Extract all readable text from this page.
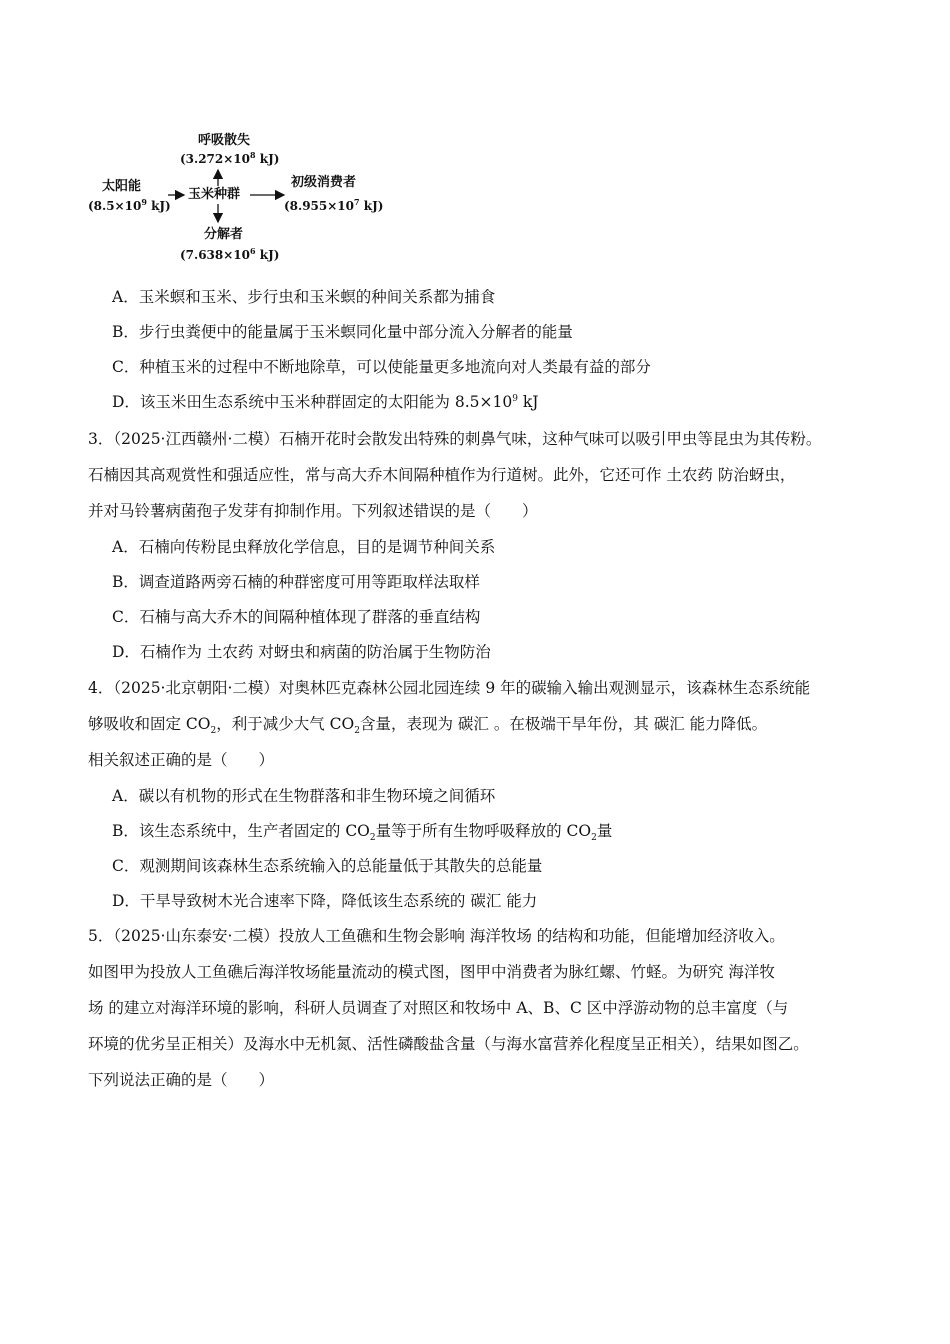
呼吸散失
($3.272\times 10^8$ kJ)
太阳能
($8.5\times 10^9$ kJ)
玉米种群
初级消费者
($8.955\times 10^7$ kJ)
分解者
($7.638\times 10^6$ kJ)
A．玉米螟和玉米、步行虫和玉米螟的种间关系都为捕食
B．步行虫粪便中的能量属于玉米螟同化量中部分流入分解者的能量
C．种植玉米的过程中不断地除草，可以使能量更多地流向对人类最有益的部分
D．该玉米田生态系统中玉米种群固定的太阳能为 $8.5\times 10^9$ kJ
3．（2025·江西赣州·二模）石楠开花时会散发出特殊的刺鼻气味，这种气味可以吸引甲虫等昆虫为其传粉。
石楠因其高观赏性和强适应性，常与高大乔木间隔种植作为行道树。此外，它还可作 土农药 防治蚜虫，
并对马铃薯病菌孢子发芽有抑制作用。下列叙述错误的是（　　）
A．石楠向传粉昆虫释放化学信息，目的是调节种间关系
B．调查道路两旁石楠的种群密度可用等距取样法取样
C．石楠与高大乔木的间隔种植体现了群落的垂直结构
D．石楠作为 土农药 对蚜虫和病菌的防治属于生物防治
4．（2025·北京朝阳·二模）对奥林匹克森林公园北园连续 9 年的碳输入输出观测显示，该森林生态系统能
够吸收和固定 $CO_2$，利于减少大气 $CO_2$含量，表现为 碳汇 。在极端干旱年份，其 碳汇 能力降低。
相关叙述正确的是（　　）
A．碳以有机物的形式在生物群落和非生物环境之间循环
B．该生态系统中，生产者固定的 $CO_2$量等于所有生物呼吸释放的 $CO_2$量
C．观测期间该森林生态系统输入的总能量低于其散失的总能量
D．干旱导致树木光合速率下降，降低该生态系统的 碳汇 能力
5．（2025·山东泰安·二模）投放人工鱼礁和生物会影响 海洋牧场 的结构和功能，但能增加经济收入。
如图甲为投放人工鱼礁后海洋牧场能量流动的模式图，图甲中消费者为脉红螺、竹蛏。为研究 海洋牧
场 的建立对海洋环境的影响，科研人员调查了对照区和牧场中 A、B、C 区中浮游动物的总丰富度（与
环境的优劣呈正相关）及海水中无机氮、活性磷酸盐含量（与海水富营养化程度呈正相关），结果如图乙。
下列说法正确的是（　　）
